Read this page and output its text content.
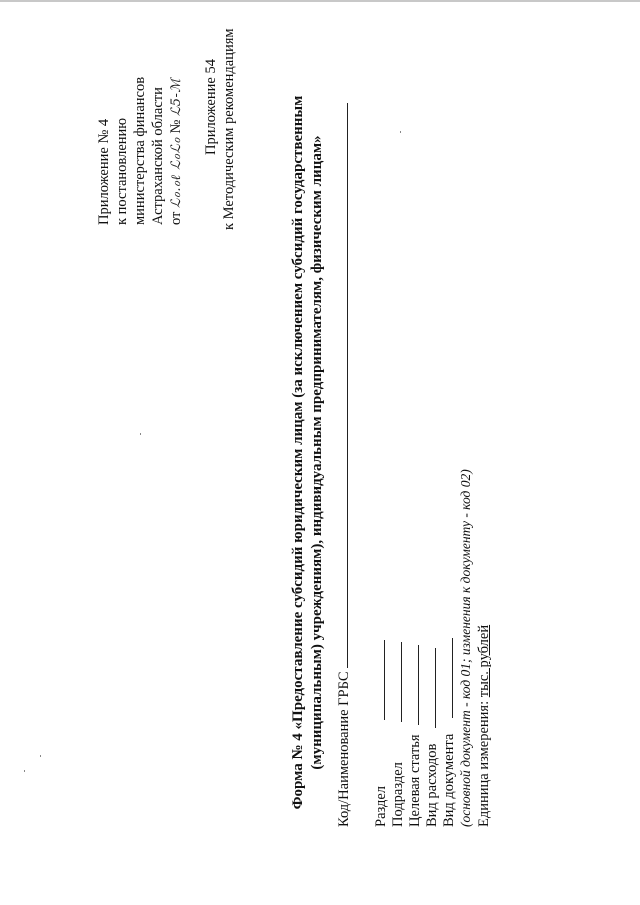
Приложение № 4 к постановлению министерства финансов Астраханской области от ℒℴ.ℴℓ ℒℴℒℴ № ℒ5-ℳ Приложение 54 к Методическим рекомендациям	Форма № 4 «Предоставление субсидий юридическим лицам (за исключением субсидий государственным (муниципальным) учреждениям), индивидуальным предпринимателям, физическим лицам» Код/Наименование ГРБС Раздел Подраздел Целевая статья Вид расходов Вид документа (основной документ - код 01; изменения к документу - код 02) Единица измерения: тыс. рублей
